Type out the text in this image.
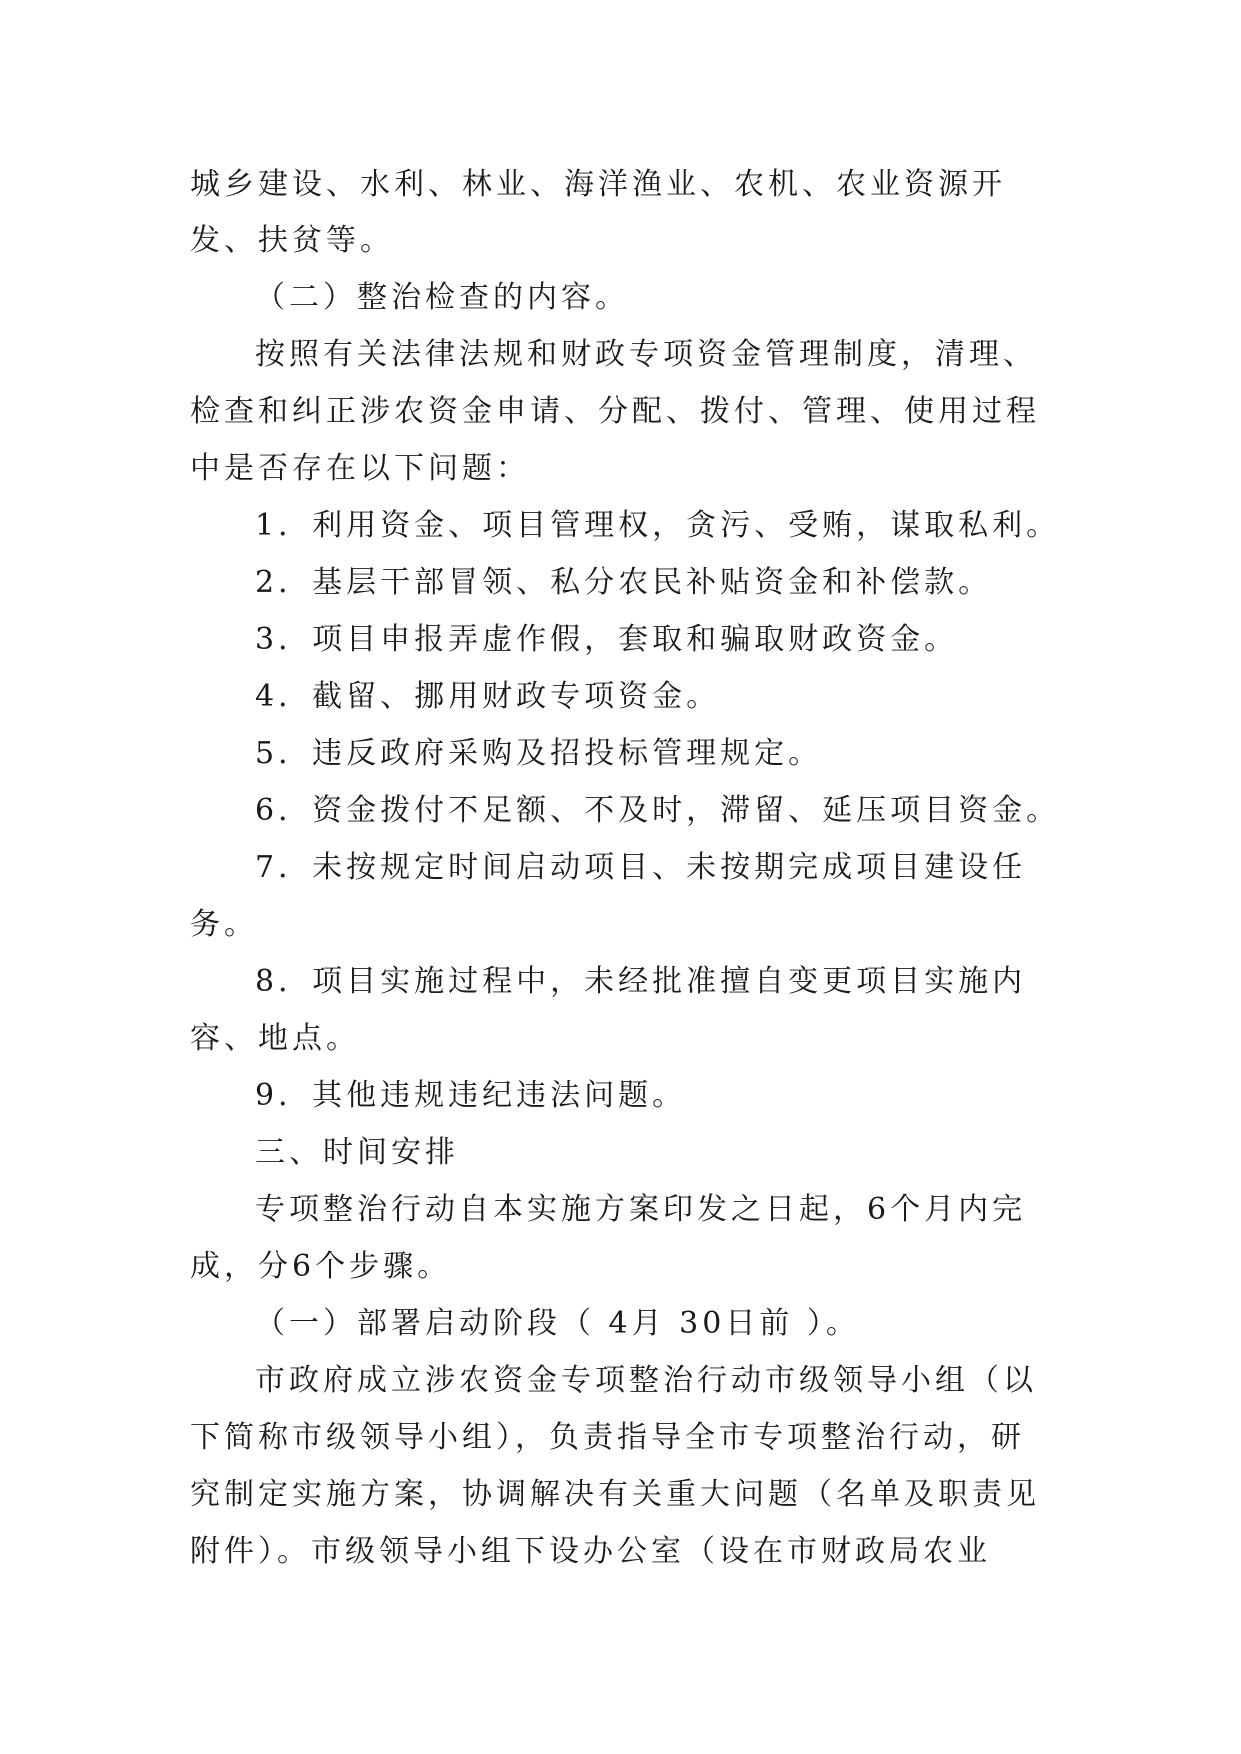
城乡建设、水利、林业、海洋渔业、农机、农业资源开
发、扶贫等。
（二）整治检查的内容。
按照有关法律法规和财政专项资金管理制度，清理、
检查和纠正涉农资金申请、分配、拨付、管理、使用过程
中是否存在以下问题：
1．利用资金、项目管理权，贪污、受贿，谋取私利。
2．基层干部冒领、私分农民补贴资金和补偿款。
3．项目申报弄虚作假，套取和骗取财政资金。
4．截留、挪用财政专项资金。
5．违反政府采购及招投标管理规定。
6．资金拨付不足额、不及时，滞留、延压项目资金。
7．未按规定时间启动项目、未按期完成项目建设任
务。
8．项目实施过程中，未经批准擅自变更项目实施内
容、地点。
9．其他违规违纪违法问题。
三、时间安排
专项整治行动自本实施方案印发之日起，6个月内完
成，分6个步骤。
（一）部署启动阶段（ 4月 30日前 ）。
市政府成立涉农资金专项整治行动市级领导小组（以
下简称市级领导小组），负责指导全市专项整治行动，研
究制定实施方案，协调解决有关重大问题（名单及职责见
附件）。市级领导小组下设办公室（设在市财政局农业
